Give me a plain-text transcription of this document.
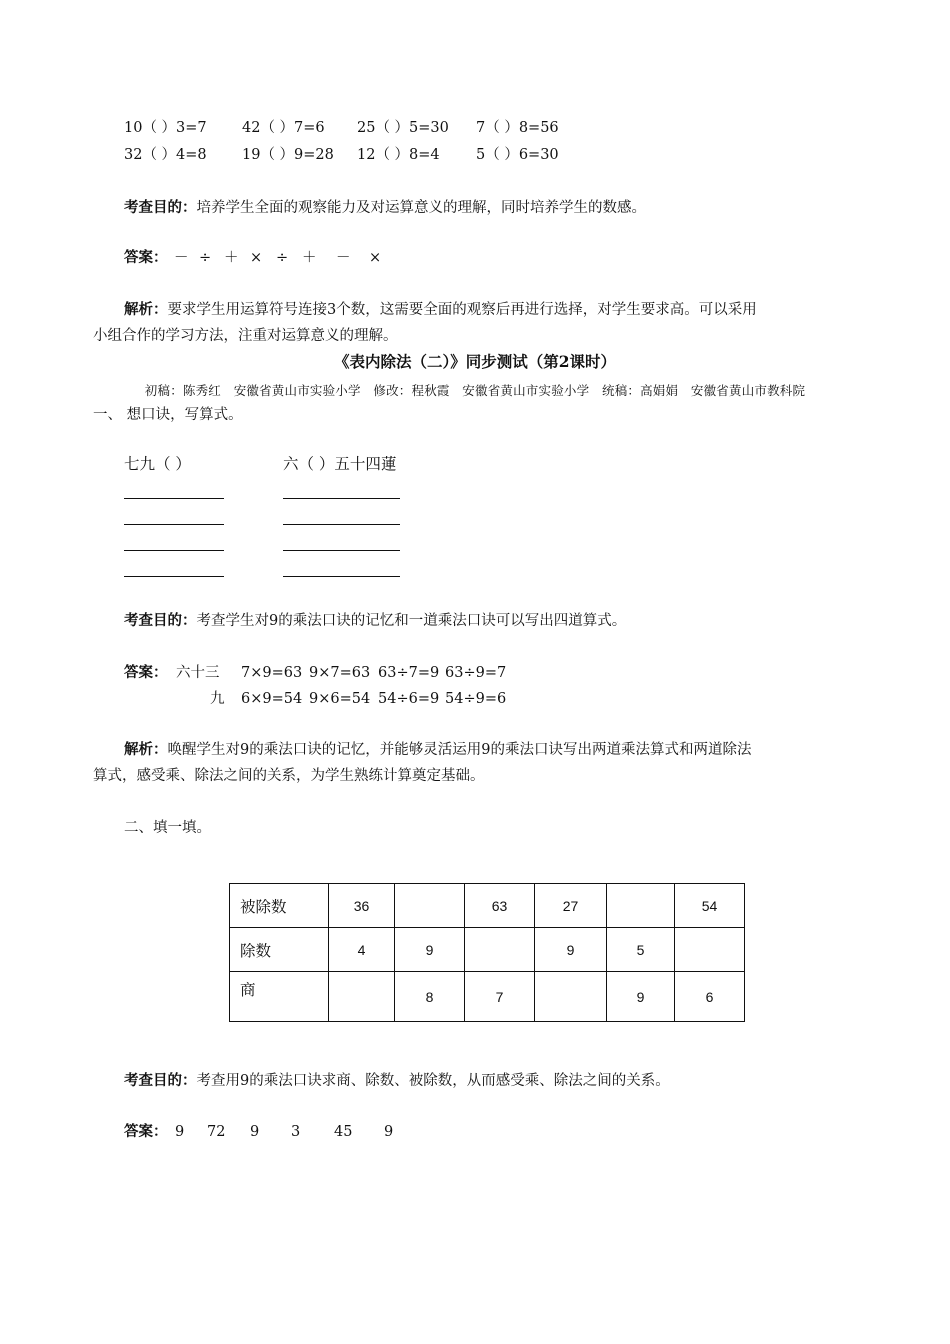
10（ ）3=7 42（ ）7=6 25（ ）5=30 7（ ）8=56
32（ ）4=8 19（ ）9=28 12（ ）8=4	5（ ）6=30
考查目的：培养学生全面的观察能力及对运算意义的理解，同时培养学生的数感。
答案： － ÷ ＋ × ÷ ＋ － ×
解析：要求学生用运算符号连接3个数，这需要全面的观察后再进行选择，对学生要求高。可以采用
小组合作的学习方法，注重对运算意义的理解。
《表内除法（二）》同步测试（第2课时）
初稿：陈秀红　安徽省黄山市实验小学　修改：程秋霞　安徽省黄山市实验小学　统稿：高娟娟　安徽省黄山市教科院
一、 想口诀，写算式。
七九（ ）	六（ ）五十四蓮
考查目的：考查学生对9的乘法口诀的记忆和一道乘法口诀可以写出四道算式。
答案： 六十三 7×9=63 9×7=63 63÷7=9 63÷9=7
九 6×9=54 9×6=54 54÷6=9 54÷9=6
解析：唤醒学生对9的乘法口诀的记忆，并能够灵活运用9的乘法口诀写出两道乘法算式和两道除法
算式，感受乘、除法之间的关系，为学生熟练计算奠定基础。
二、填一填。
被除数	36		63	27		54
除数	4	9		9	5	
商		8	7		9	6
考查目的：考查用9的乘法口诀求商、除数、被除数，从而感受乘、除法之间的关系。
答案： 9 72 9 3 45 9
